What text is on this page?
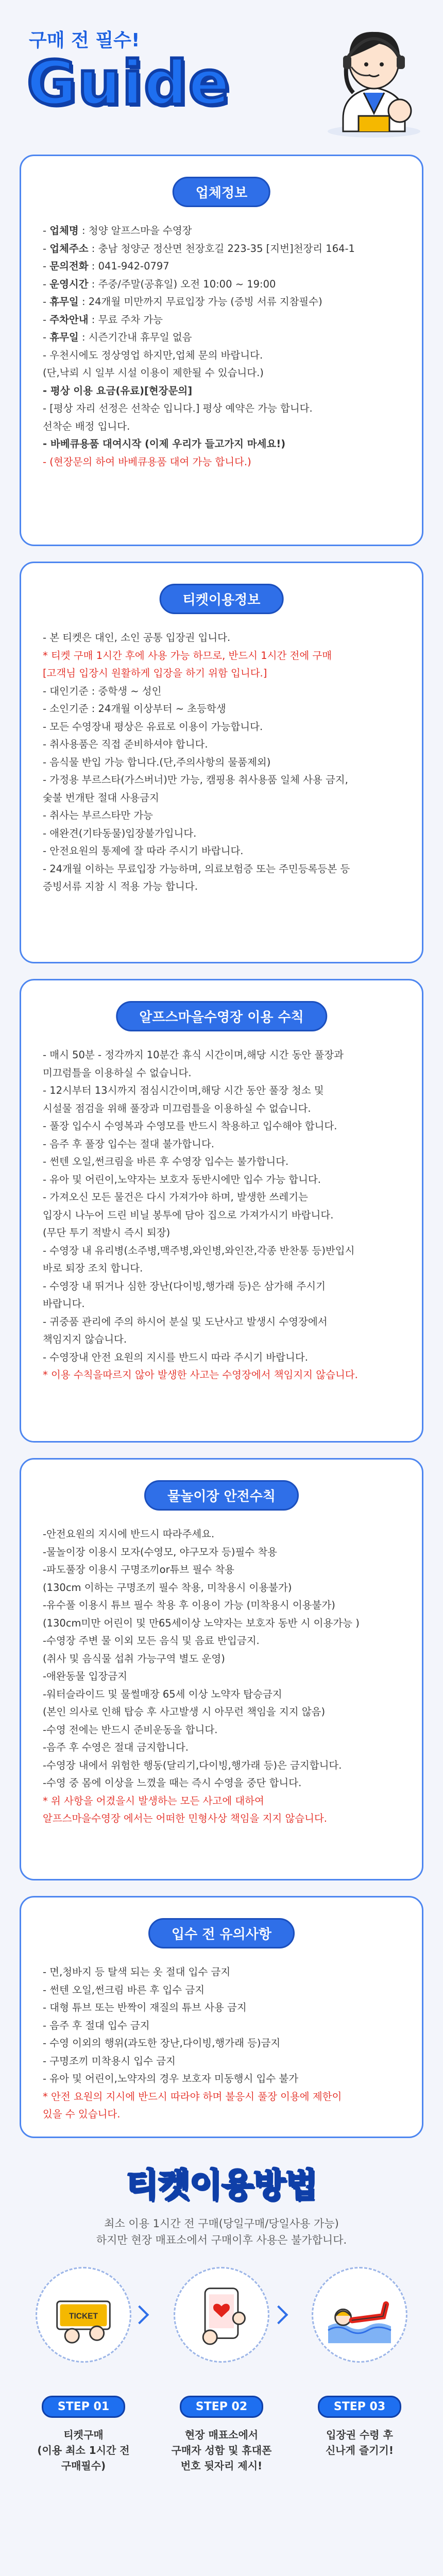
구매 전 필수!
Guide
업체정보
- 업체명 : 청양 알프스마을 수영장
- 업체주소 : 충남 청양군 정산면 천장호길 223-35 [지번]천장리 164-1
- 문의전화 : 041-942-0797
- 운영시간 : 주중/주말(공휴일) 오전 10:00 ~ 19:00
- 휴무일 : 24개월 미만까지 무료입장 가능 (증빙 서류 지참필수)
- 주차안내 : 무료 주차 가능
- 휴무일 : 시즌기간내 휴무일 없음
- 우천시에도 정상영업 하지만,업체 문의 바랍니다.
(단,낙뢰 시 일부 시설 이용이 제한될 수 있습니다.)
- 평상 이용 요금(유료)[현장문의]
- [평상 자리 선정은 선착순 입니다.] 평상 예약은 가능 합니다.
선착순 배정 입니다.
- 바베큐용품 대여시작 (이제 우리가 들고가지 마세요!)
- (현장문의 하여 바베큐용품 대여 가능 합니다.)
티켓이용정보
- 본 티켓은 대인, 소인 공통 입장권 입니다.
* 티켓 구매 1시간 후에 사용 가능 하므로, 반드시 1시간 전에 구매
[고객님 입장시 원활하게 입장을 하기 위함 입니다.]
- 대인기준 : 중학생 ~ 성인
- 소인기준 : 24개월 이상부터 ~ 초등학생
- 모든 수영장내 평상은 유료로 이용이 가능합니다.
- 취사용품은 직접 준비하셔야 합니다.
- 음식물 반입 가능 합니다.(단,주의사항의 물품제외)
- 가정용 부르스타(가스버너)만 가능, 캠핑용 취사용품 일체 사용 금지,
숯불 번개탄 절대 사용금지
- 취사는 부르스타만 가능
- 애완견(기타동물)입장불가입니다.
- 안전요원의 통제에 잘 따라 주시기 바랍니다.
- 24개월 이하는 무료입장 가능하며, 의료보험증 또는 주민등록등본 등
증빙서류 지참 시 적용 가능 합니다.
알프스마을수영장 이용 수칙
- 매시 50분 - 정각까지 10분간 휴식 시간이며,해당 시간 동안 풀장과
미끄럼틀을 이용하실 수 없습니다.
- 12시부터 13시까지 점심시간이며,해당 시간 동안 풀장 청소 및
시설물 점검을 위해 풀장과 미끄럼틀을 이용하실 수 없습니다.
- 풀장 입수시 수영복과 수영모를 반드시 착용하고 입수해야 합니다.
- 음주 후 풀장 입수는 절대 불가합니다.
- 썬텐 오일,썬크림을 바른 후 수영장 입수는 불가합니다.
- 유아 및 어린이,노약자는 보호자 동반시에만 입수 가능 합니다.
- 가져오신 모든 물건은 다시 가져가야 하며, 발생한 쓰레기는
입장시 나누어 드린 비닐 봉투에 담아 집으로 가져가시기 바랍니다.
(무단 투기 적발시 즉시 퇴장)
- 수영장 내 유리병(소주병,맥주병,와인병,와인잔,각종 반찬통 등)반입시
바로 퇴장 조치 합니다.
- 수영장 내 뛰거나 심한 장난(다이빙,행가래 등)은 삼가해 주시기
바랍니다.
- 귀중품 관리에 주의 하시어 분실 및 도난사고 발생시 수영장에서
책임지지 않습니다.
- 수영장내 안전 요원의 지시를 반드시 따라 주시기 바랍니다.
* 이용 수칙을따르지 않아 발생한 사고는 수영장에서 책임지지 않습니다.
물놀이장 안전수칙
-안전요원의 지시에 반드시 따라주세요.
-물놀이장 이용시 모자(수영모, 야구모자 등)필수 착용
-파도풀장 이용시 구명조끼or튜브 필수 착용
(130cm 이하는 구명조끼 필수 착용, 미착용시 이용불가)
-유수풀 이용시 튜브 필수 착용 후 이용이 가능 (미착용시 이용불가)
(130cm미만 어린이 및 만65세이상 노약자는 보호자 동반 시 이용가능 )
-수영장 주변 물 이외 모든 음식 및 음료 반입금지.
(취사 및 음식물 섭취 가능구역 별도 운영)
-애완동물 입장금지
-워터슬라이드 및 물썰매장 65세 이상 노약자 탑승금지
(본인 의사로 인해 탑승 후 사고발생 시 아무런 책임을 지지 않음)
-수영 전에는 반드시 준비운동을 합니다.
-음주 후 수영은 절대 금지합니다.
-수영장 내에서 위험한 행동(달리기,다이빙,행가래 등)은 금지합니다.
-수영 중 몸에 이상을 느꼈을 때는 즉시 수영을 중단 합니다.
* 위 사항을 어겼을시 발생하는 모든 사고에 대하여
알프스마을수영장 에서는 어떠한 민형사상 책임을 지지 않습니다.
입수 전 유의사항
- 면,청바지 등 탈색 되는 옷 절대 입수 금지
- 썬텐 오일,썬크림 바른 후 입수 금지
- 대형 튜브 또는 반짝이 재질의 튜브 사용 금지
- 음주 후 절대 입수 금지
- 수영 이외의 행위(과도한 장난,다이빙,행가래 등)금지
- 구명조끼 미착용시 입수 금지
- 유아 및 어린이,노약자의 경우 보호자 미동행시 입수 불가
* 안전 요원의 지시에 반드시 따라야 하며 불응시 풀장 이용에 제한이
있을 수 있습니다.
티켓이용방법
최소 이용 1시간 전 구매(당일구매/당일사용 가능)
하지만 현장 매표소에서 구매이후 사용은 불가합니다.
TICKET
STEP 01
티켓구매
(이용 최소 1시간 전
구매필수)
STEP 02
현장 매표소에서
구매자 성함 및 휴대폰
번호 뒷자리 제시!
STEP 03
입장권 수령 후
신나게 즐기기!
